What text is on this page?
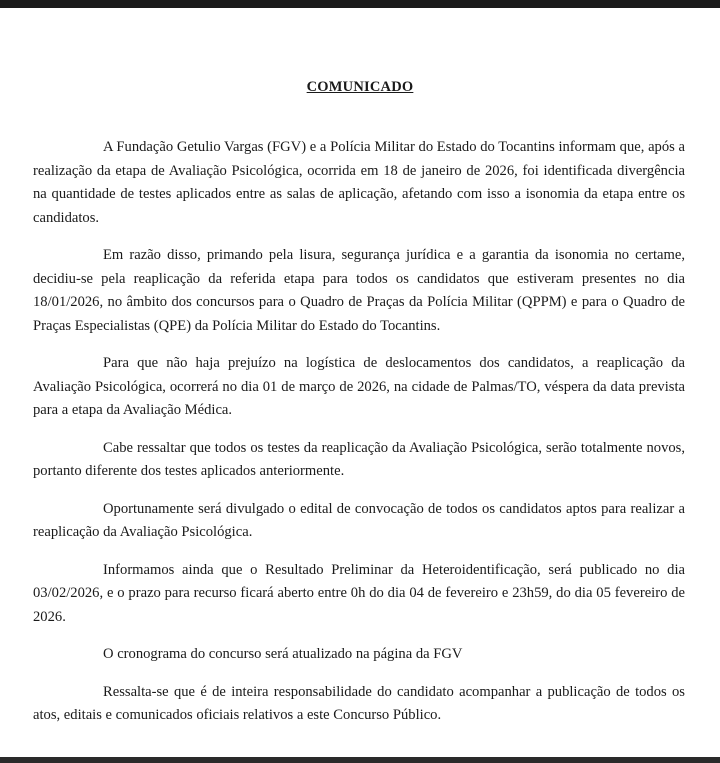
COMUNICADO

A Fundação Getulio Vargas (FGV) e a Polícia Militar do Estado do Tocantins informam que, após a realização da etapa de Avaliação Psicológica, ocorrida em 18 de janeiro de 2026, foi identificada divergência na quantidade de testes aplicados entre as salas de aplicação, afetando com isso a isonomia da etapa entre os candidatos.

Em razão disso, primando pela lisura, segurança jurídica e a garantia da isonomia no certame, decidiu-se pela reaplicação da referida etapa para todos os candidatos que estiveram presentes no dia 18/01/2026, no âmbito dos concursos para o Quadro de Praças da Polícia Militar (QPPM) e para o Quadro de Praças Especialistas (QPE) da Polícia Militar do Estado do Tocantins.

Para que não haja prejuízo na logística de deslocamentos dos candidatos, a reaplicação da Avaliação Psicológica, ocorrerá no dia 01 de março de 2026, na cidade de Palmas/TO, véspera da data prevista para a etapa da Avaliação Médica.

Cabe ressaltar que todos os testes da reaplicação da Avaliação Psicológica, serão totalmente novos, portanto diferente dos testes aplicados anteriormente.

Oportunamente será divulgado o edital de convocação de todos os candidatos aptos para realizar a reaplicação da Avaliação Psicológica.

Informamos ainda que o Resultado Preliminar da Heteroidentificação, será publicado no dia 03/02/2026, e o prazo para recurso ficará aberto entre 0h do dia 04 de fevereiro e 23h59, do dia 05 fevereiro de 2026.

O cronograma do concurso será atualizado na página da FGV

Ressalta-se que é de inteira responsabilidade do candidato acompanhar a publicação de todos os atos, editais e comunicados oficiais relativos a este Concurso Público.
